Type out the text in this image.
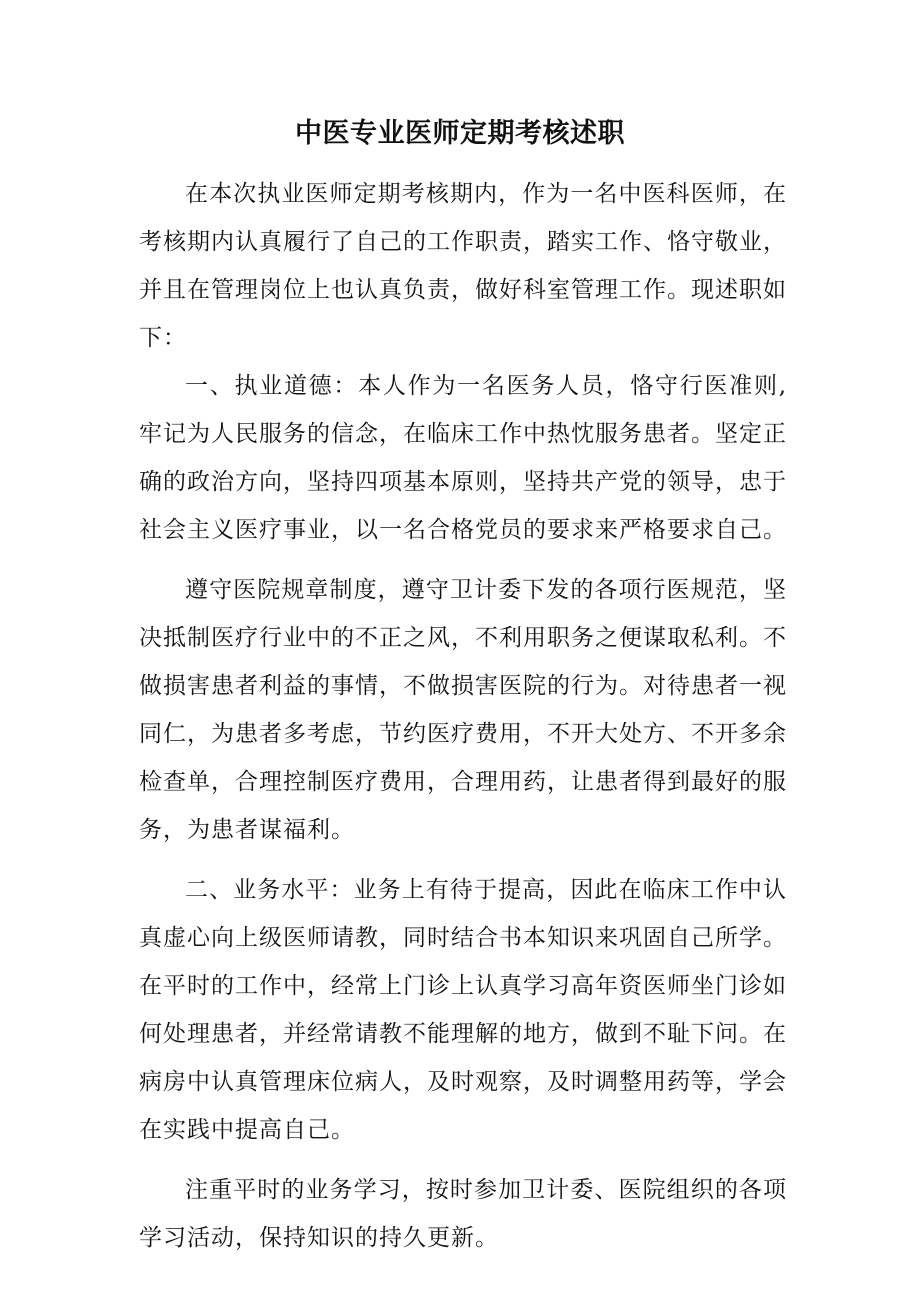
中医专业医师定期考核述职

在本次执业医师定期考核期内，作为一名中医科医师，在考核期内认真履行了自己的工作职责，踏实工作、恪守敬业，并且在管理岗位上也认真负责，做好科室管理工作。现述职如下：

一、执业道德：本人作为一名医务人员，恪守行医准则,牢记为人民服务的信念，在临床工作中热忱服务患者。坚定正确的政治方向，坚持四项基本原则，坚持共产党的领导，忠于社会主义医疗事业，以一名合格党员的要求来严格要求自己。

遵守医院规章制度，遵守卫计委下发的各项行医规范，坚决抵制医疗行业中的不正之风，不利用职务之便谋取私利。不做损害患者利益的事情，不做损害医院的行为。对待患者一视同仁，为患者多考虑，节约医疗费用，不开大处方、不开多余检查单，合理控制医疗费用，合理用药，让患者得到最好的服务，为患者谋福利。

二、业务水平：业务上有待于提高，因此在临床工作中认真虚心向上级医师请教，同时结合书本知识来巩固自己所学。在平时的工作中，经常上门诊上认真学习高年资医师坐门诊如何处理患者，并经常请教不能理解的地方，做到不耻下问。在病房中认真管理床位病人，及时观察，及时调整用药等，学会在实践中提高自己。

注重平时的业务学习，按时参加卫计委、医院组织的各项学习活动，保持知识的持久更新。
